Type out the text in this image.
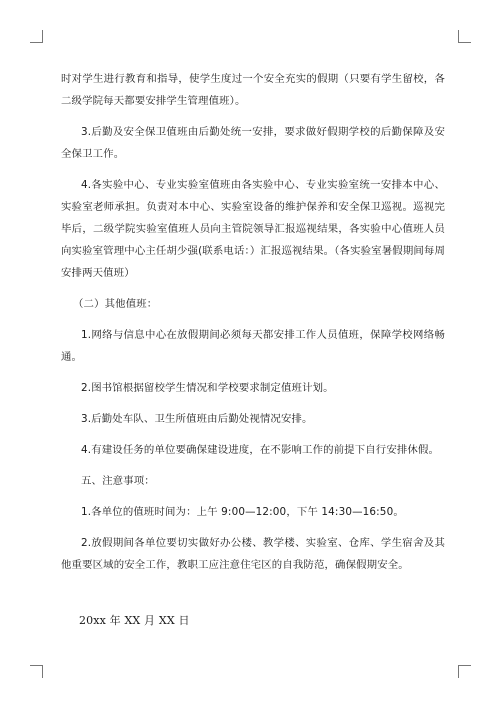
时对学生进行教育和指导，使学生度过一个安全充实的假期（只要有学生留校，各二级学院每天都要安排学生管理值班）。

3.后勤及安全保卫值班由后勤处统一安排，要求做好假期学校的后勤保障及安全保卫工作。

4.各实验中心、专业实验室值班由各实验中心、专业实验室统一安排本中心、实验室老师承担。负责对本中心、实验室设备的维护保养和安全保卫巡视。巡视完毕后，二级学院实验室值班人员向主管院领导汇报巡视结果，各实验中心值班人员向实验室管理中心主任胡少强(联系电话：）汇报巡视结果。（各实验室暑假期间每周安排两天值班）

（二）其他值班：

1.网络与信息中心在放假期间必须每天都安排工作人员值班，保障学校网络畅通。

2.图书馆根据留校学生情况和学校要求制定值班计划。

3.后勤处车队、卫生所值班由后勤处视情况安排。

4.有建设任务的单位要确保建设进度，在不影响工作的前提下自行安排休假。

五、注意事项：

1.各单位的值班时间为：上午 9:00—12:00，下午 14:30—16:50。

2.放假期间各单位要切实做好办公楼、教学楼、实验室、仓库、学生宿舍及其他重要区域的安全工作，教职工应注意住宅区的自我防范，确保假期安全。

20xx 年 XX 月 XX 日
